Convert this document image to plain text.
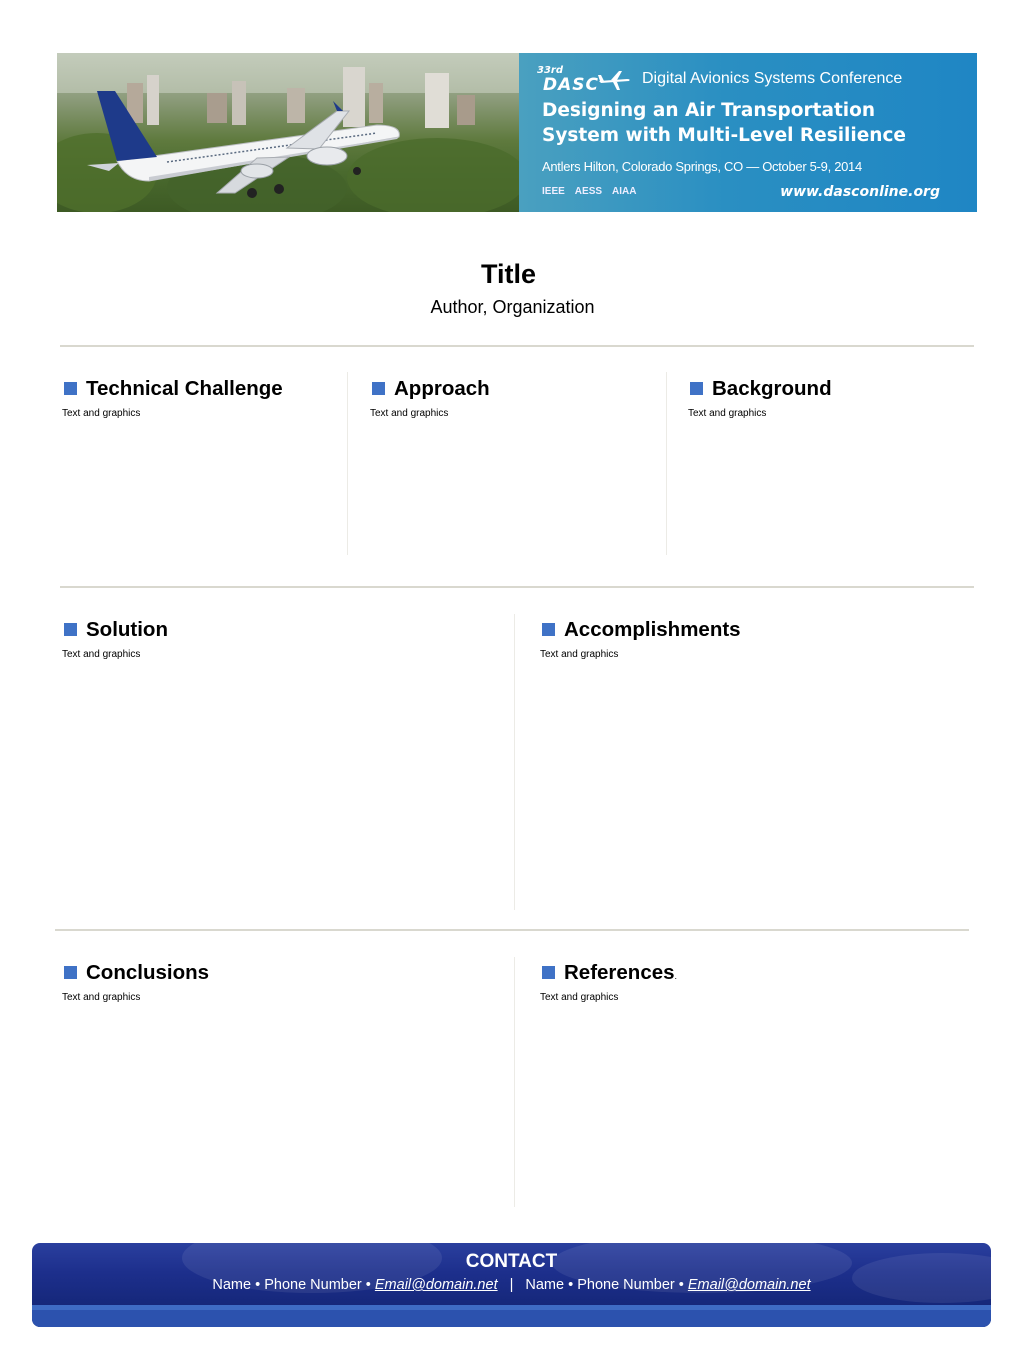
33rd
DASC	Digital Avionics Systems Conference
Designing an Air Transportation
System with Multi-Level Resilience
Antlers Hilton, Colorado Springs, CO — October 5-9, 2014
IEEE AESS AIAA	www.dasconline.org
Title
Author, Organization
Technical Challenge
Text and graphics
Approach
Text and graphics
Background
Text and graphics
Solution
Text and graphics
Accomplishments
Text and graphics
Conclusions
Text and graphics
References .
Text and graphics
CONTACT
Name • Phone Number • Email@domain.net | Name • Phone Number • Email@domain.net
